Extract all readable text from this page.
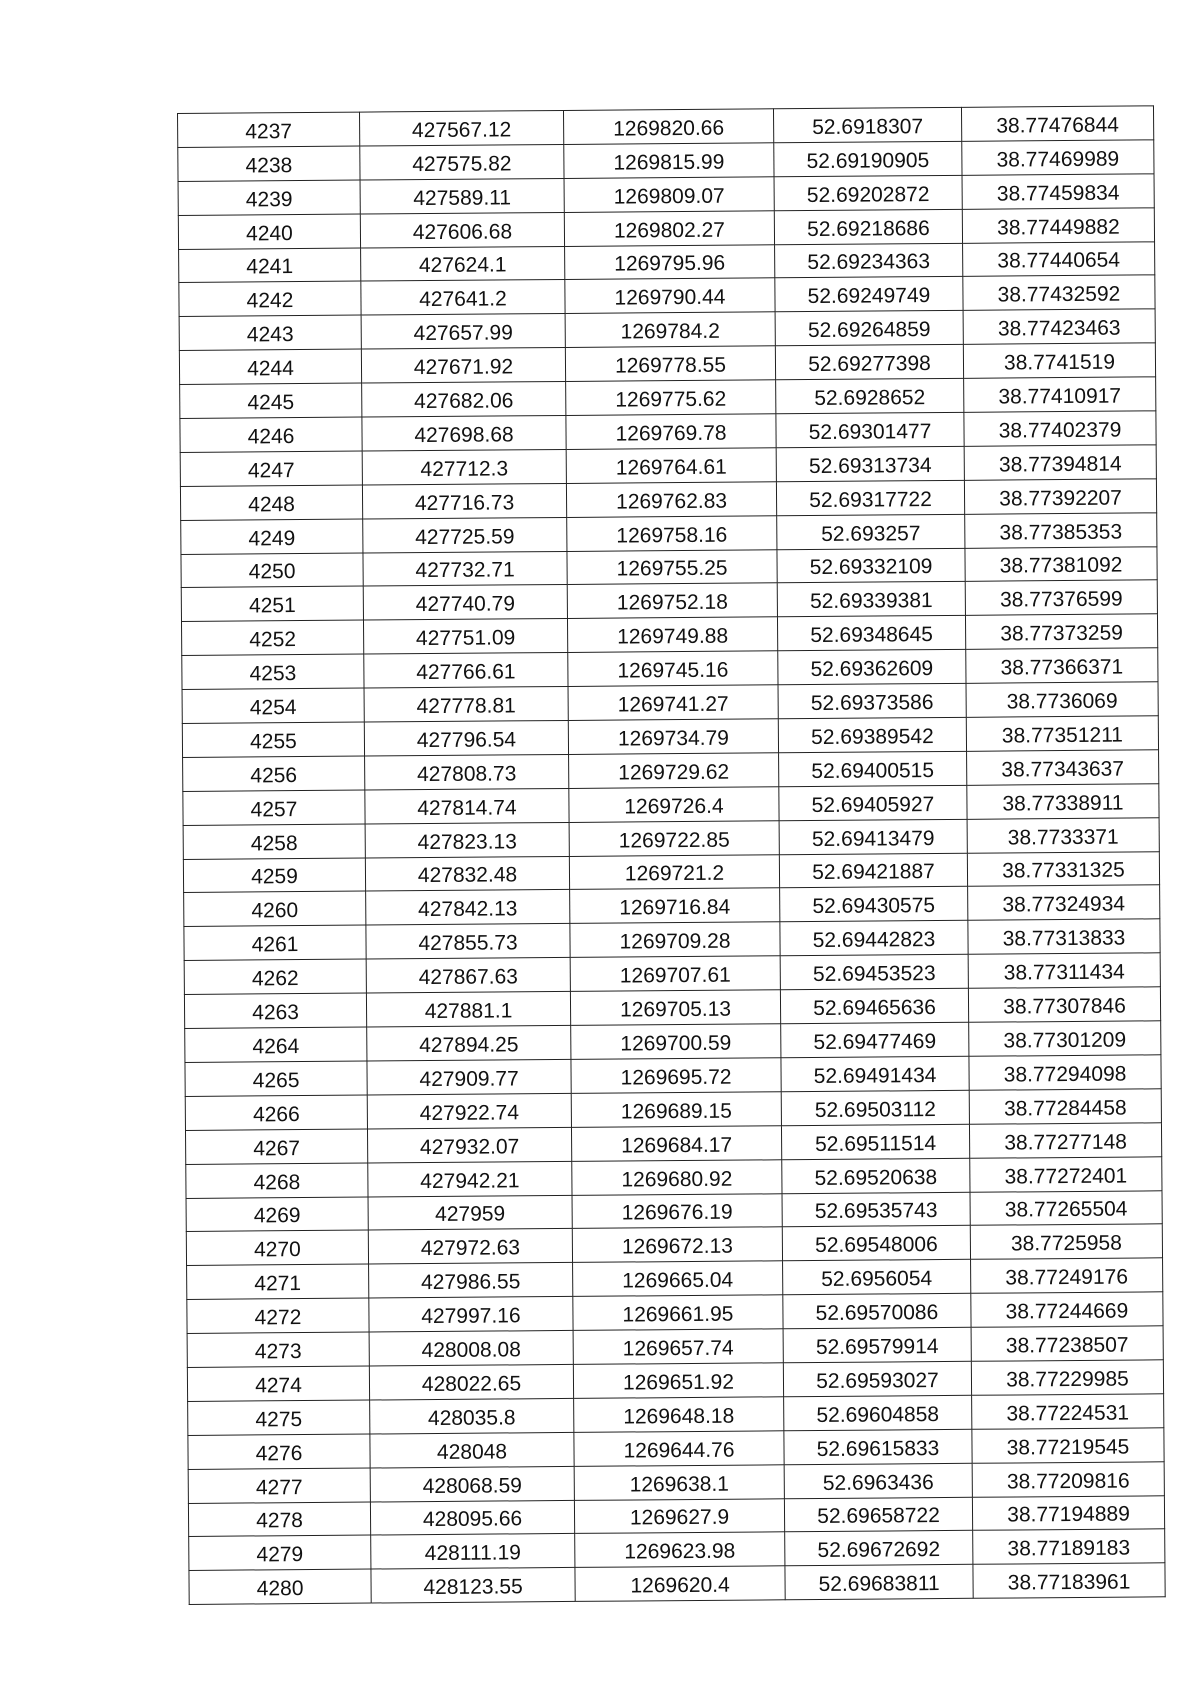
4237	427567.12	1269820.66	52.6918307	38.77476844
4238	427575.82	1269815.99	52.69190905	38.77469989
4239	427589.11	1269809.07	52.69202872	38.77459834
4240	427606.68	1269802.27	52.69218686	38.77449882
4241	427624.1	1269795.96	52.69234363	38.77440654
4242	427641.2	1269790.44	52.69249749	38.77432592
4243	427657.99	1269784.2	52.69264859	38.77423463
4244	427671.92	1269778.55	52.69277398	38.7741519
4245	427682.06	1269775.62	52.6928652	38.77410917
4246	427698.68	1269769.78	52.69301477	38.77402379
4247	427712.3	1269764.61	52.69313734	38.77394814
4248	427716.73	1269762.83	52.69317722	38.77392207
4249	427725.59	1269758.16	52.693257	38.77385353
4250	427732.71	1269755.25	52.69332109	38.77381092
4251	427740.79	1269752.18	52.69339381	38.77376599
4252	427751.09	1269749.88	52.69348645	38.77373259
4253	427766.61	1269745.16	52.69362609	38.77366371
4254	427778.81	1269741.27	52.69373586	38.7736069
4255	427796.54	1269734.79	52.69389542	38.77351211
4256	427808.73	1269729.62	52.69400515	38.77343637
4257	427814.74	1269726.4	52.69405927	38.77338911
4258	427823.13	1269722.85	52.69413479	38.7733371
4259	427832.48	1269721.2	52.69421887	38.77331325
4260	427842.13	1269716.84	52.69430575	38.77324934
4261	427855.73	1269709.28	52.69442823	38.77313833
4262	427867.63	1269707.61	52.69453523	38.77311434
4263	427881.1	1269705.13	52.69465636	38.77307846
4264	427894.25	1269700.59	52.69477469	38.77301209
4265	427909.77	1269695.72	52.69491434	38.77294098
4266	427922.74	1269689.15	52.69503112	38.77284458
4267	427932.07	1269684.17	52.69511514	38.77277148
4268	427942.21	1269680.92	52.69520638	38.77272401
4269	427959	1269676.19	52.69535743	38.77265504
4270	427972.63	1269672.13	52.69548006	38.7725958
4271	427986.55	1269665.04	52.6956054	38.77249176
4272	427997.16	1269661.95	52.69570086	38.77244669
4273	428008.08	1269657.74	52.69579914	38.77238507
4274	428022.65	1269651.92	52.69593027	38.77229985
4275	428035.8	1269648.18	52.69604858	38.77224531
4276	428048	1269644.76	52.69615833	38.77219545
4277	428068.59	1269638.1	52.6963436	38.77209816
4278	428095.66	1269627.9	52.69658722	38.77194889
4279	428111.19	1269623.98	52.69672692	38.77189183
4280	428123.55	1269620.4	52.69683811	38.77183961
